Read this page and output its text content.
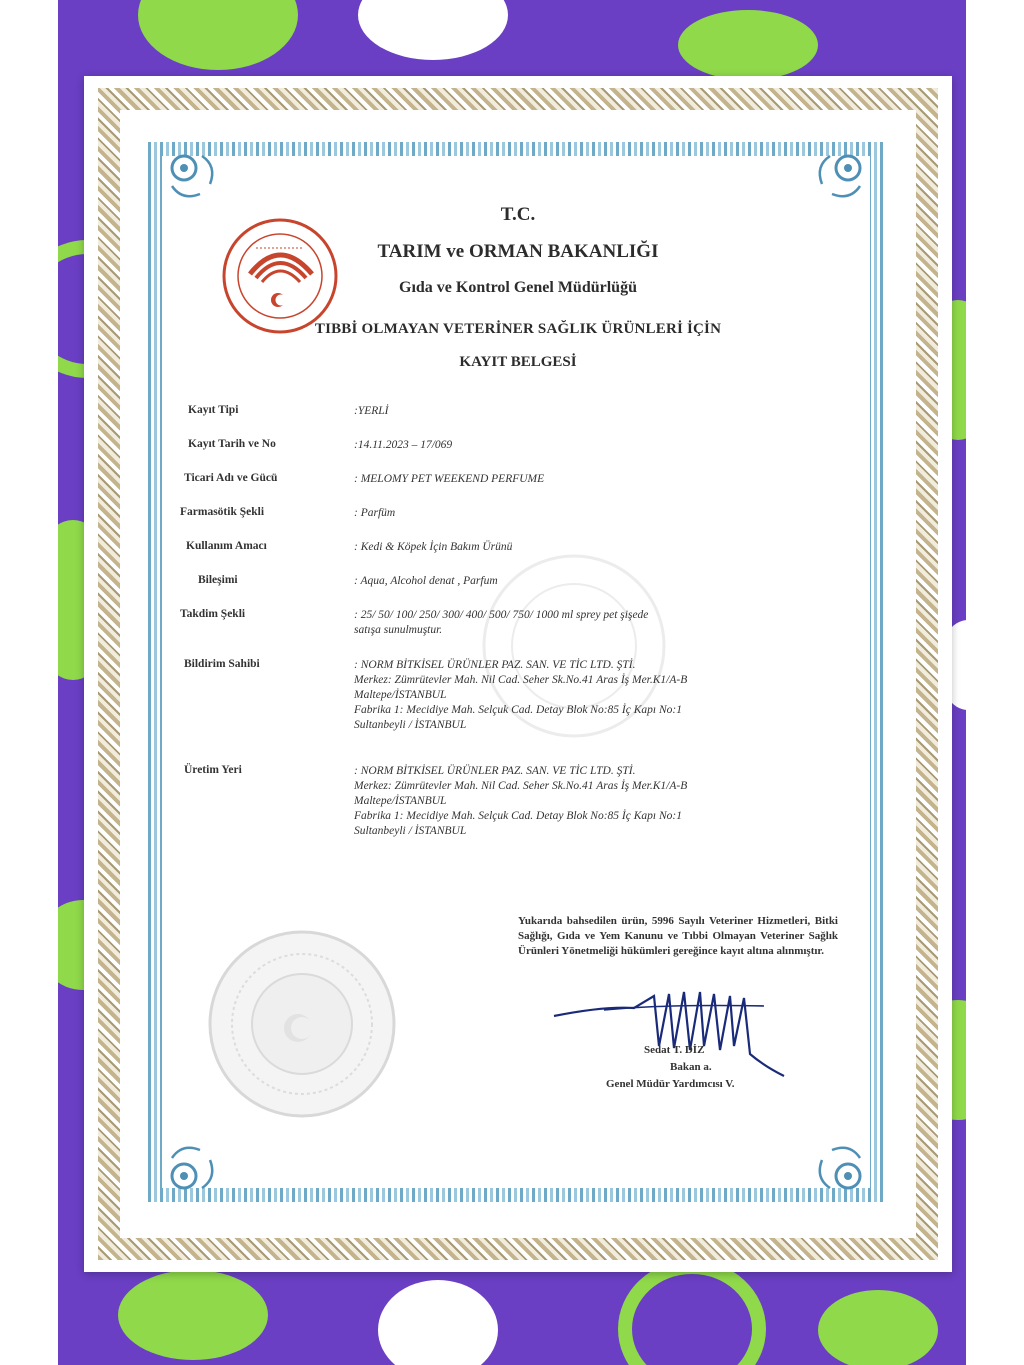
T.C.
TARIM ve ORMAN BAKANLIĞI
Gıda ve Kontrol Genel Müdürlüğü
TIBBİ OLMAYAN VETERİNER SAĞLIK ÜRÜNLERİ İÇİN
KAYIT BELGESİ
Kayıt Tipi	:YERLİ
Kayıt Tarih ve No	:14.11.2023 – 17/069
Ticari Adı ve Gücü	: MELOMY PET WEEKEND PERFUME
Farmasötik Şekli	: Parfüm
Kullanım Amacı	: Kedi & Köpek İçin Bakım Ürünü
Bileşimi	: Aqua, Alcohol denat , Parfum
Takdim Şekli	: 25/ 50/ 100/ 250/ 300/ 400/ 500/ 750/ 1000 ml sprey pet şişede
satışa sunulmuştur.
Bildirim Sahibi	: NORM BİTKİSEL ÜRÜNLER PAZ. SAN. VE TİC LTD. ŞTİ.
Merkez: Zümrütevler Mah. Nil Cad. Seher Sk.No.41 Aras İş Mer.K1/A-B
Maltepe/İSTANBUL
Fabrika 1: Mecidiye Mah. Selçuk Cad. Detay Blok No:85 İç Kapı No:1
Sultanbeyli / İSTANBUL
Üretim Yeri	: NORM BİTKİSEL ÜRÜNLER PAZ. SAN. VE TİC LTD. ŞTİ.
Merkez: Zümrütevler Mah. Nil Cad. Seher Sk.No.41 Aras İş Mer.K1/A-B
Maltepe/İSTANBUL
Fabrika 1: Mecidiye Mah. Selçuk Cad. Detay Blok No:85 İç Kapı No:1
Sultanbeyli / İSTANBUL
Yukarıda bahsedilen ürün, 5996 Sayılı Veteriner Hizmetleri, Bitki Sağlığı, Gıda ve Yem Kanunu ve Tıbbi Olmayan Veteriner Sağlık Ürünleri Yönetmeliği hükümleri gereğince kayıt altına alınmıştır.
Sedat T. DİZ
Bakan a.
Genel Müdür Yardımcısı V.
